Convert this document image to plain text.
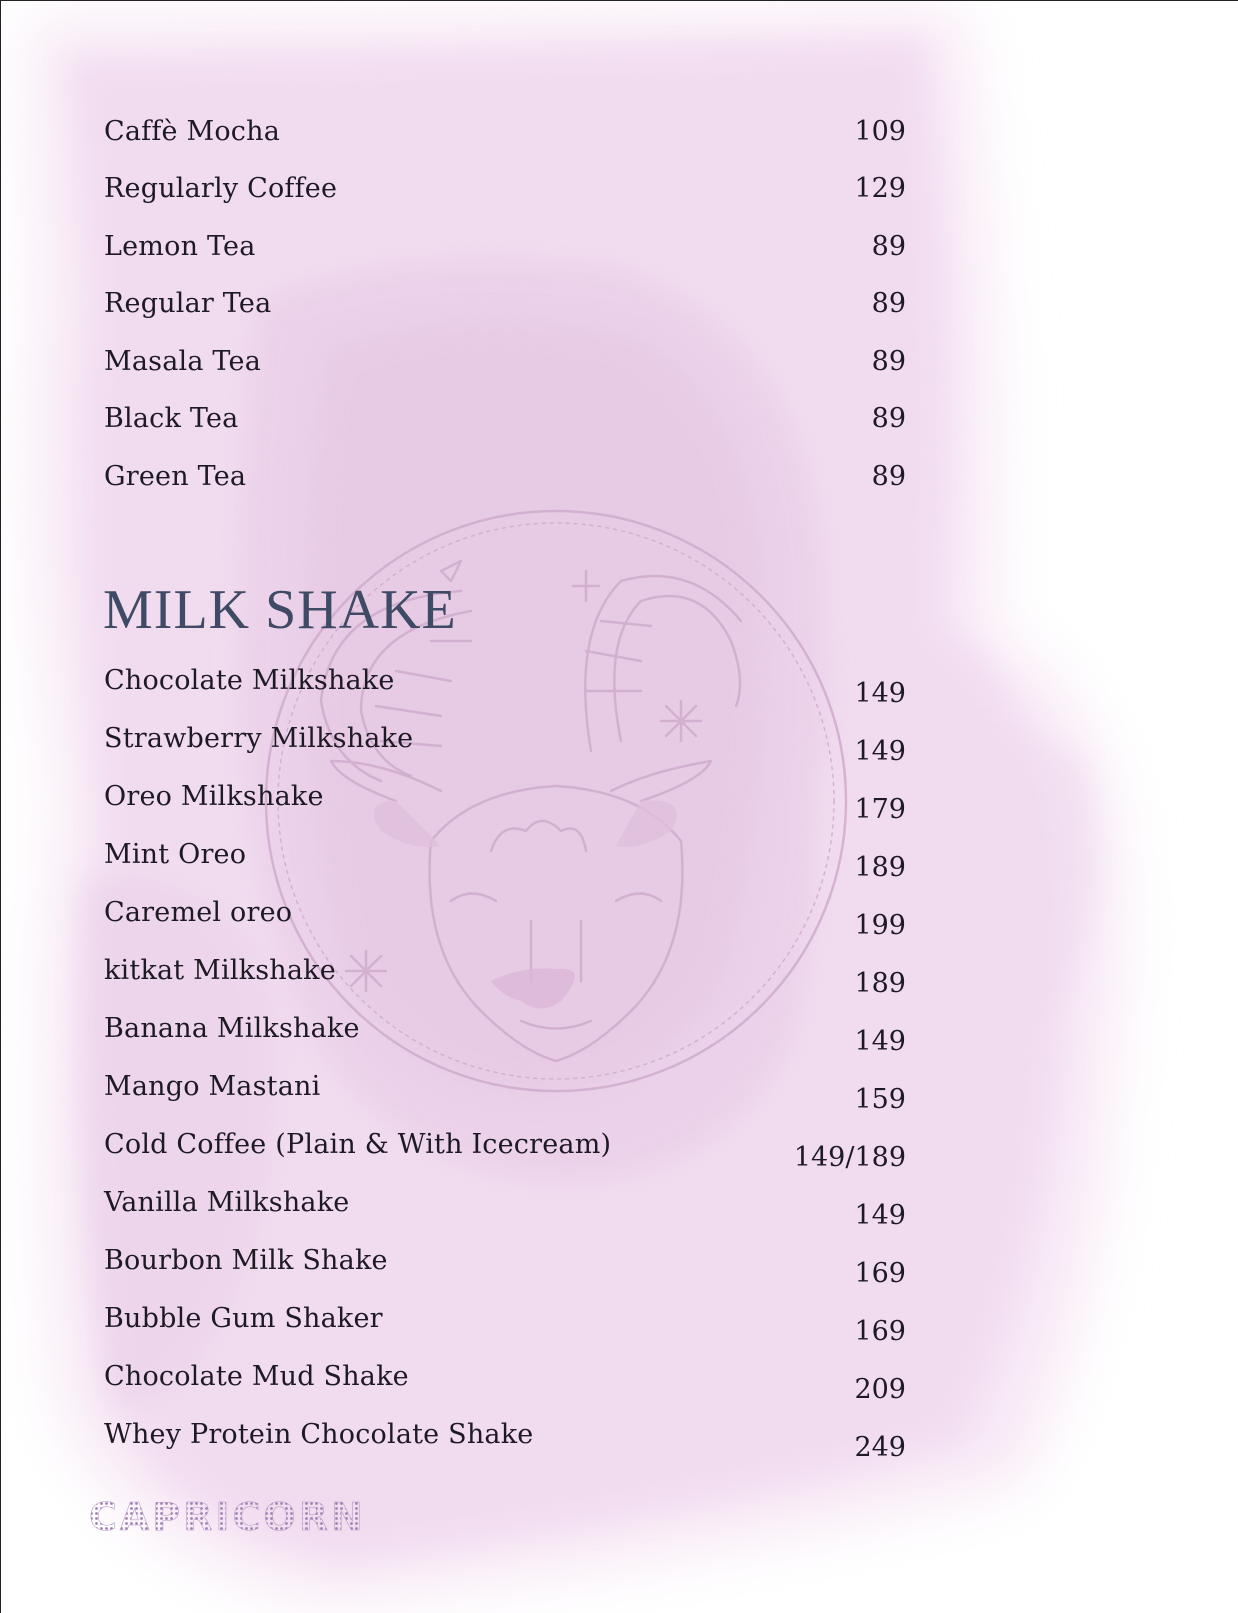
Caffè Mocha	109
Regularly Coffee	129
Lemon Tea	89
Regular Tea	89
Masala Tea	89
Black Tea	89
Green Tea	89
MILK SHAKE
Chocolate Milkshake	149
Strawberry Milkshake	149
Oreo Milkshake	179
Mint Oreo	189
Caremel oreo	199
kitkat Milkshake	189
Banana Milkshake	149
Mango Mastani	159
Cold Coffee (Plain & With Icecream)	149/189
Vanilla Milkshake	149
Bourbon Milk Shake	169
Bubble Gum Shaker	169
Chocolate Mud Shake	209
Whey Protein Chocolate Shake	249
CAPRICORN
